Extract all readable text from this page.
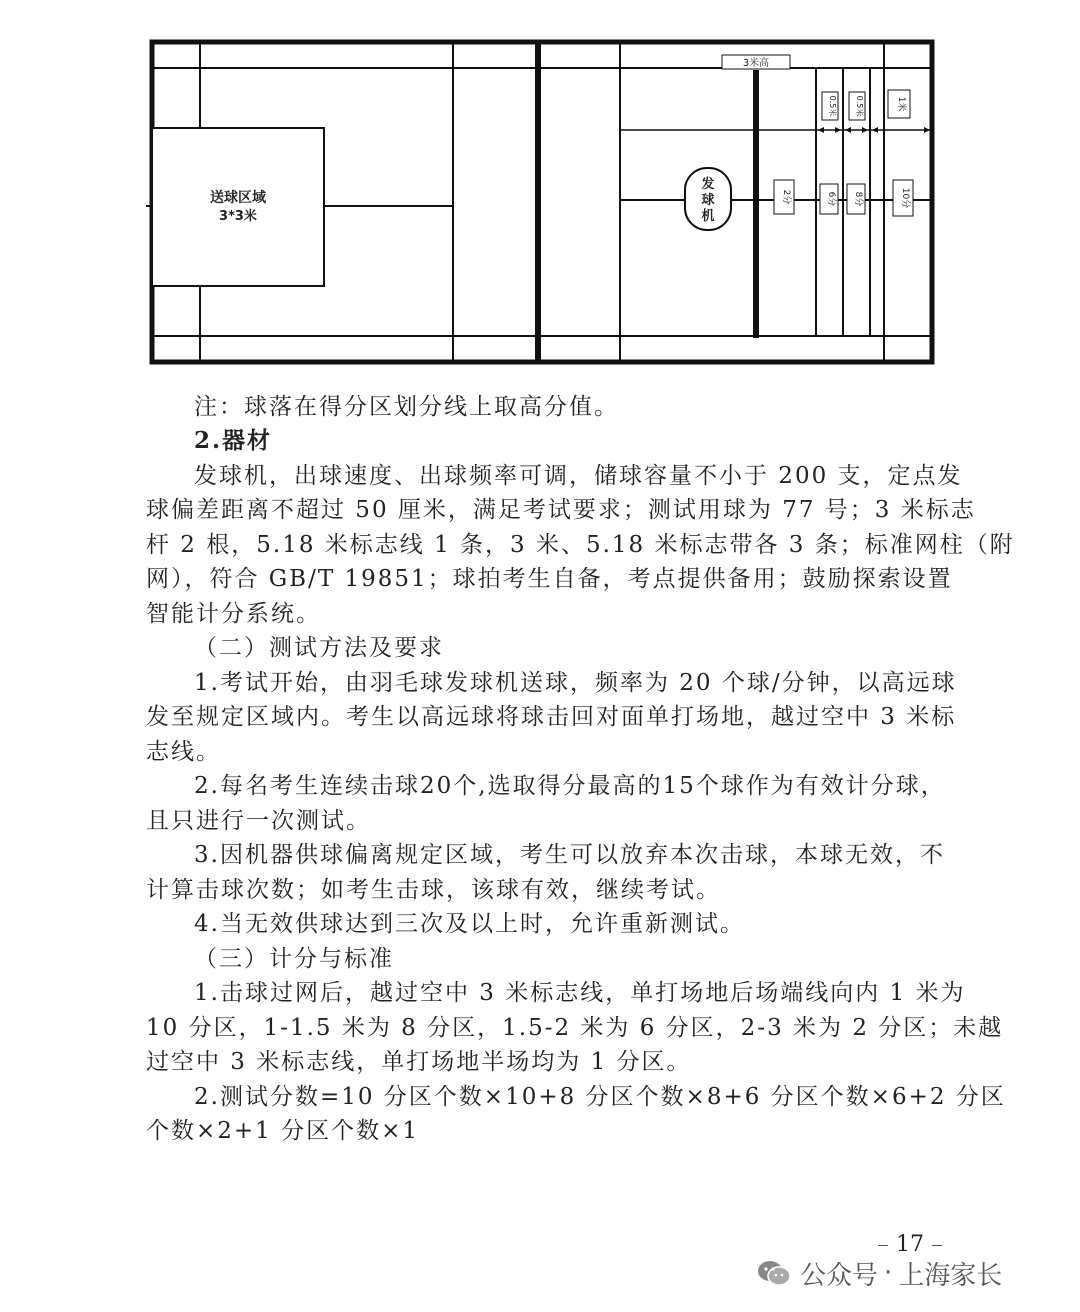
送球区域
3*3米
发
球
机
3米高
0.5米 0.5米	1米
2分	6分 8分	10分
注：球落在得分区划分线上取高分值。
2.器材
发球机，出球速度、出球频率可调，储球容量不小于 200 支，定点发
球偏差距离不超过 50 厘米，满足考试要求；测试用球为 77 号；3 米标志
杆 2 根，5.18 米标志线 1 条，3 米、5.18 米标志带各 3 条；标准网柱（附
网），符合 GB/T 19851；球拍考生自备，考点提供备用；鼓励探索设置
智能计分系统。
（二）测试方法及要求
1.考试开始，由羽毛球发球机送球，频率为 20 个球/分钟，以高远球
发至规定区域内。考生以高远球将球击回对面单打场地，越过空中 3 米标
志线。
2.每名考生连续击球20个,选取得分最高的15个球作为有效计分球，
且只进行一次测试。
3.因机器供球偏离规定区域，考生可以放弃本次击球，本球无效，不
计算击球次数；如考生击球，该球有效，继续考试。
4.当无效供球达到三次及以上时，允许重新测试。
（三）计分与标准
1.击球过网后，越过空中 3 米标志线，单打场地后场端线向内 1 米为
10 分区，1-1.5 米为 8 分区，1.5-2 米为 6 分区，2-3 米为 2 分区；未越
过空中 3 米标志线，单打场地半场均为 1 分区。
2.测试分数=10 分区个数×10+8 分区个数×8+6 分区个数×6+2 分区
个数×2+1 分区个数×1
17
公众号 · 上海家长
